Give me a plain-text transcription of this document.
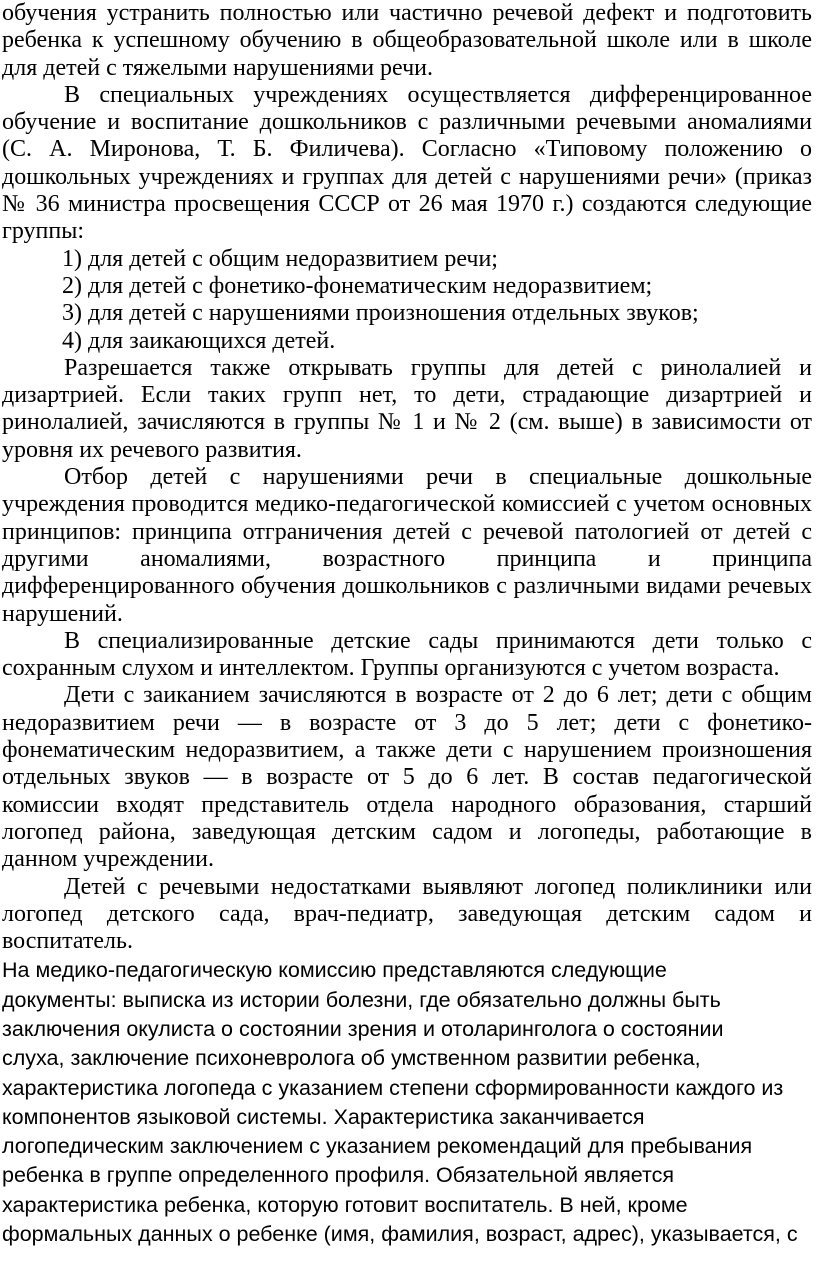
обучения устранить полностью или частично речевой дефект и подготовить ребенка к успешному обучению в общеобразовательной школе или в школе для детей с тяжелыми нарушениями речи.

В специальных учреждениях осуществляется дифференцированное обучение и воспитание дошкольников с различными речевыми аномалиями (С. А. Миронова, Т. Б. Филичева). Согласно «Типовому положению о дошкольных учреждениях и группах для детей с нарушениями речи» (приказ № 36 министра просвещения СССР от 26 мая 1970 г.) создаются следующие группы:

1) для детей с общим недоразвитием речи;

2) для детей с фонетико-фонематическим недоразвитием;

3) для детей с нарушениями произношения отдельных звуков;

4) для заикающихся детей.

Разрешается также открывать группы для детей с ринолалией и дизартрией. Если таких групп нет, то дети, страдающие дизартрией и ринолалией, зачисляются в группы № 1 и № 2 (см. выше) в зависимости от уровня их речевого развития.

Отбор детей с нарушениями речи в специальные дошкольные учреждения проводится медико-педагогической комиссией с учетом основных принципов: принципа отграничения детей с речевой патологией от детей с другими аномалиями, возрастного принципа и принципа дифференцированного обучения дошкольников с различными видами речевых нарушений.

В специализированные детские сады принимаются дети только с сохранным слухом и интеллектом. Группы организуются с учетом возраста.

Дети с заиканием зачисляются в возрасте от 2 до 6 лет; дети с общим недоразвитием речи — в возрасте от 3 до 5 лет; дети с фонетико-фонематическим недоразвитием, а также дети с нарушением произношения отдельных звуков — в возрасте от 5 до 6 лет. В состав педагогической комиссии входят представитель отдела народного образования, старший логопед района, заведующая детским садом и логопеды, работающие в данном учреждении.

Детей с речевыми недостатками выявляют логопед поликлиники или логопед детского сада, врач-педиатр, заведующая детским садом и воспитатель.

На медико-педагогическую комиссию представляются следующие
документы: выписка из истории болезни, где обязательно должны быть
заключения окулиста о состоянии зрения и отоларинголога о состоянии
слуха, заключение психоневролога об умственном развитии ребенка,
характеристика логопеда с указанием степени сформированности каждого из
компонентов языковой системы. Характеристика заканчивается
логопедическим заключением с указанием рекомендаций для пребывания
ребенка в группе определенного профиля. Обязательной является
характеристика ребенка, которую готовит воспитатель. В ней, кроме
формальных данных о ребенке (имя, фамилия, возраст, адрес), указывается, с
